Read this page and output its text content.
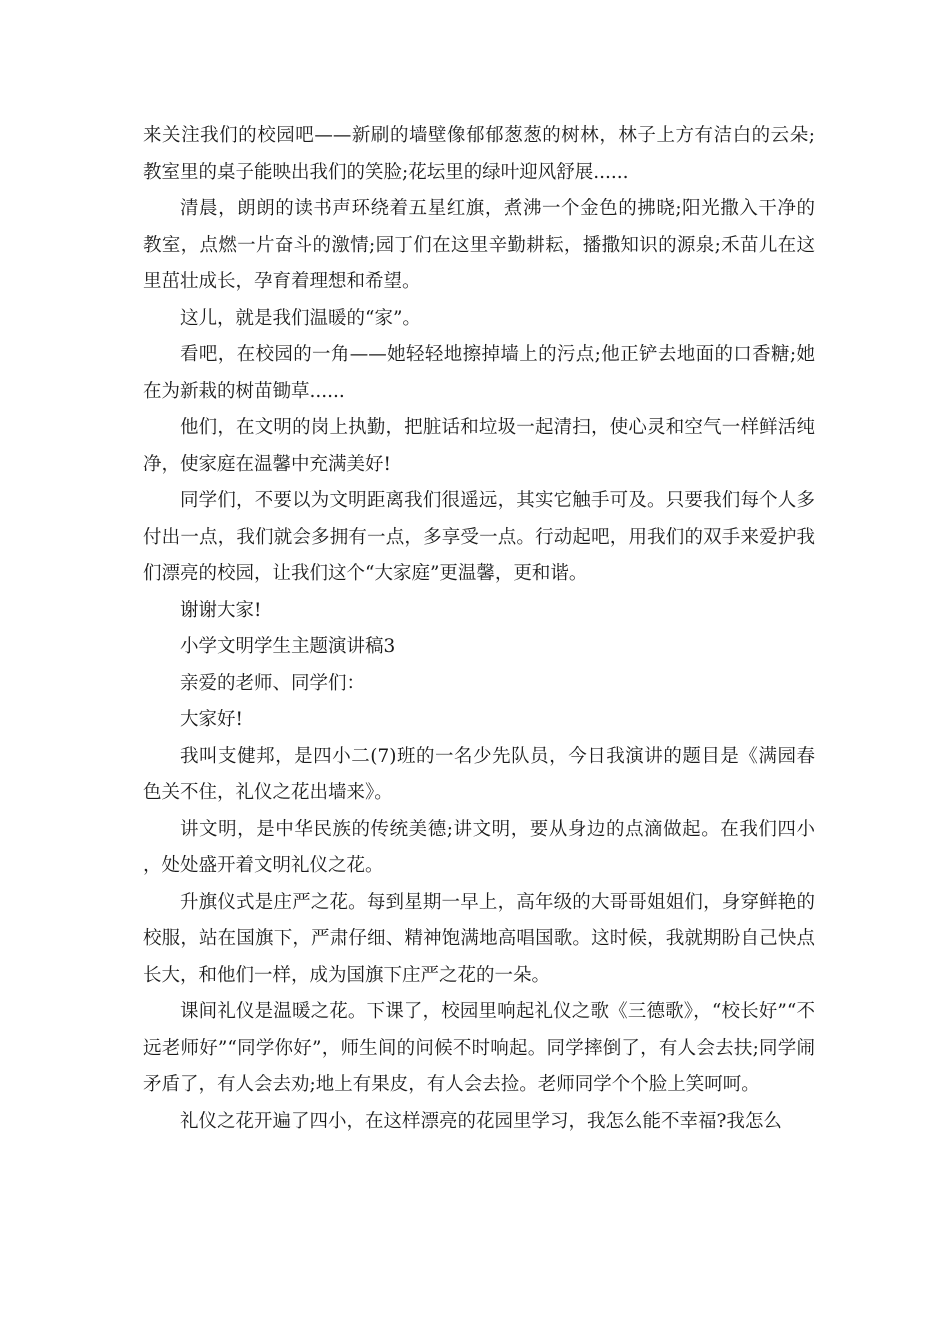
来关注我们的校园吧——新刷的墙壁像郁郁葱葱的树林，林子上方有洁白的云朵;教室里的桌子能映出我们的笑脸;花坛里的绿叶迎风舒展......

清晨，朗朗的读书声环绕着五星红旗，煮沸一个金色的拂晓;阳光撒入干净的教室，点燃一片奋斗的激情;园丁们在这里辛勤耕耘，播撒知识的源泉;禾苗儿在这里茁壮成长，孕育着理想和希望。

这儿，就是我们温暖的“家”。

看吧，在校园的一角——她轻轻地擦掉墙上的污点;他正铲去地面的口香糖;她在为新栽的树苗锄草......

他们，在文明的岗上执勤，把脏话和垃圾一起清扫，使心灵和空气一样鲜活纯净，使家庭在温馨中充满美好!

同学们，不要以为文明距离我们很遥远，其实它触手可及。只要我们每个人多付出一点，我们就会多拥有一点，多享受一点。行动起吧，用我们的双手来爱护我们漂亮的校园，让我们这个“大家庭”更温馨，更和谐。

谢谢大家!

小学文明学生主题演讲稿3

亲爱的老师、同学们：

大家好!

我叫支健邦，是四小二(7)班的一名少先队员，今日我演讲的题目是《满园春色关不住，礼仪之花出墙来》。

讲文明，是中华民族的传统美德;讲文明，要从身边的点滴做起。在我们四小，处处盛开着文明礼仪之花。

升旗仪式是庄严之花。每到星期一早上，高年级的大哥哥姐姐们，身穿鲜艳的校服，站在国旗下，严肃仔细、精神饱满地高唱国歌。这时候，我就期盼自己快点长大，和他们一样，成为国旗下庄严之花的一朵。

课间礼仪是温暖之花。下课了，校园里响起礼仪之歌《三德歌》，“校长好”“不远老师好”“同学你好”，师生间的问候不时响起。同学摔倒了，有人会去扶;同学闹矛盾了，有人会去劝;地上有果皮，有人会去捡。老师同学个个脸上笑呵呵。

礼仪之花开遍了四小，在这样漂亮的花园里学习，我怎么能不幸福?我怎么
